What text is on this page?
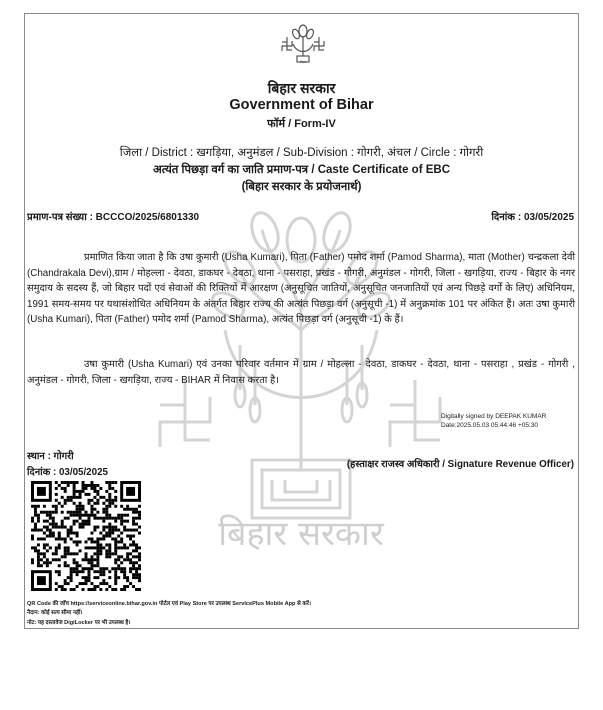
बिहार सरकार
बिहार
बिहार सरकार
Government of Bihar
फॉर्म / Form-IV
जिला / District : खगड़िया, अनुमंडल / Sub-Division : गोगरी, अंचल / Circle : गोगरी
अत्यंत पिछड़ा वर्ग का जाति प्रमाण-पत्र / Caste Certificate of EBC
(बिहार सरकार के प्रयोजनार्थ)
प्रमाण-पत्र संख्या : BCCCO/2025/6801330	दिनांक : 03/05/2025
प्रमाणित किया जाता है कि उषा कुमारी (Usha Kumari), पिता (Father) पमोद शर्मा (Pamod Sharma), माता (Mother) चन्द्रकला देवी (Chandrakala Devi),ग्राम / मोहल्ला - देवठा, डाकघर - देवठा, थाना - पसराहा, प्रखंड - गोगरी, अनुमंडल - गोगरी, जिला - खगड़िया, राज्य - बिहार के नगर समुदाय के सदस्य हैं, जो बिहार पदों एवं सेवाओं की रिक्तियों में आरक्षण (अनुसूचित जातियों, अनुसूचित जनजातियों एवं अन्य पिछड़े वर्गों के लिए) अधिनियम, 1991 समय-समय पर यथासंशोधित अधिनियम के अंतर्गत बिहार राज्य की अत्यंत पिछड़ा वर्ग (अनुसूची -1) में अनुक्रमांक 101 पर अंकित हैं। अतः उषा कुमारी (Usha Kumari), पिता (Father) पमोद शर्मा (Pamod Sharma), अत्यंत पिछड़ा वर्ग (अनुसूची -1) के हैं।
उषा कुमारी (Usha Kumari) एवं उनका परिवार वर्तमान में ग्राम / मोहल्ला - देवठा, डाकघर - देवठा, थाना - पसराहा , प्रखंड - गोगरी , अनुमंडल - गोगरी, जिला - खगड़िया, राज्य - BIHAR में निवास करता है।
Digitally signed by DEEPAK KUMAR
Date:2025.05.03 05:44:46 +05:30
स्थान : गोगरी
दिनांक : 03/05/2025
(हस्ताक्षर राजस्व अधिकारी / Signature Revenue Officer)
QR Code की जाँच https://serviceonline.bihar.gov.in पोर्टल एवं Play Store पर उपलब्ध ServicePlus Mobile App से करें।
नैदान: कोई सत्य सीमा नहीं।
नोट: यह दस्तावेज DigiLocker पर भी उपलब्ध है।
